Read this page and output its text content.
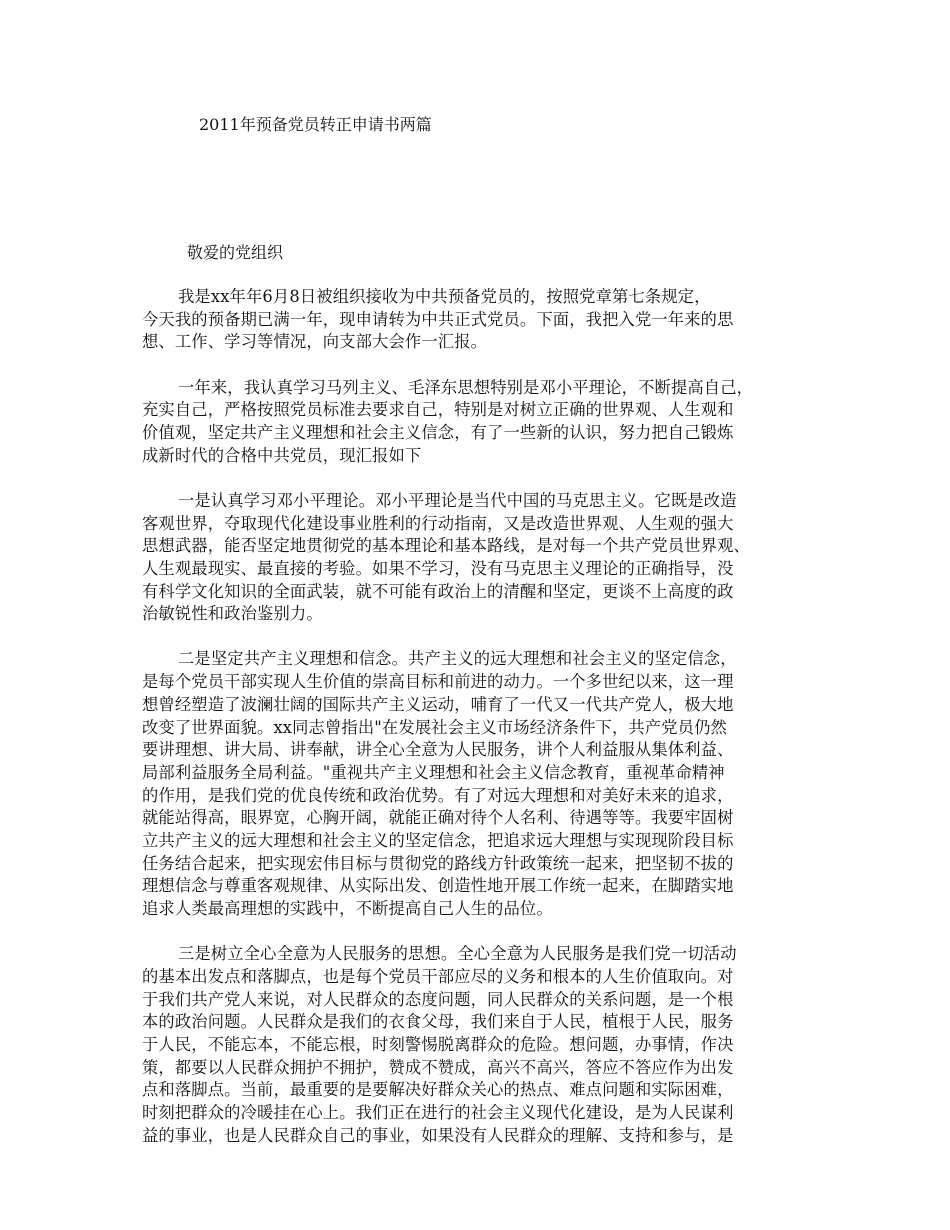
2011年预备党员转正申请书两篇
敬爱的党组织
我是xx年年6月8日被组织接收为中共预备党员的，按照党章第七条规定，
今天我的预备期已满一年，现申请转为中共正式党员。下面，我把入党一年来的思
想、工作、学习等情况，向支部大会作一汇报。
一年来，我认真学习马列主义、毛泽东思想特别是邓小平理论，不断提高自己，
充实自己，严格按照党员标准去要求自己，特别是对树立正确的世界观、人生观和
价值观，坚定共产主义理想和社会主义信念，有了一些新的认识，努力把自己锻炼
成新时代的合格中共党员，现汇报如下
一是认真学习邓小平理论。邓小平理论是当代中国的马克思主义。它既是改造
客观世界，夺取现代化建设事业胜利的行动指南，又是改造世界观、人生观的强大
思想武器，能否坚定地贯彻党的基本理论和基本路线，是对每一个共产党员世界观、
人生观最现实、最直接的考验。如果不学习，没有马克思主义理论的正确指导，没
有科学文化知识的全面武装，就不可能有政治上的清醒和坚定，更谈不上高度的政
治敏锐性和政治鉴别力。
二是坚定共产主义理想和信念。共产主义的远大理想和社会主义的坚定信念，
是每个党员干部实现人生价值的崇高目标和前进的动力。一个多世纪以来，这一理
想曾经塑造了波澜壮阔的国际共产主义运动，哺育了一代又一代共产党人，极大地
改变了世界面貌。xx同志曾指出"在发展社会主义市场经济条件下，共产党员仍然
要讲理想、讲大局、讲奉献，讲全心全意为人民服务，讲个人利益服从集体利益、
局部利益服务全局利益。"重视共产主义理想和社会主义信念教育，重视革命精神
的作用，是我们党的优良传统和政治优势。有了对远大理想和对美好未来的追求，
就能站得高，眼界宽，心胸开阔，就能正确对待个人名利、待遇等等。我要牢固树
立共产主义的远大理想和社会主义的坚定信念，把追求远大理想与实现现阶段目标
任务结合起来，把实现宏伟目标与贯彻党的路线方针政策统一起来，把坚韧不拔的
理想信念与尊重客观规律、从实际出发、创造性地开展工作统一起来，在脚踏实地
追求人类最高理想的实践中，不断提高自己人生的品位。
三是树立全心全意为人民服务的思想。全心全意为人民服务是我们党一切活动
的基本出发点和落脚点，也是每个党员干部应尽的义务和根本的人生价值取向。对
于我们共产党人来说，对人民群众的态度问题，同人民群众的关系问题，是一个根
本的政治问题。人民群众是我们的衣食父母，我们来自于人民，植根于人民，服务
于人民，不能忘本，不能忘根，时刻警惕脱离群众的危险。想问题，办事情，作决
策，都要以人民群众拥护不拥护，赞成不赞成，高兴不高兴，答应不答应作为出发
点和落脚点。当前，最重要的是要解决好群众关心的热点、难点问题和实际困难，
时刻把群众的冷暖挂在心上。我们正在进行的社会主义现代化建设，是为人民谋利
益的事业，也是人民群众自己的事业，如果没有人民群众的理解、支持和参与，是
